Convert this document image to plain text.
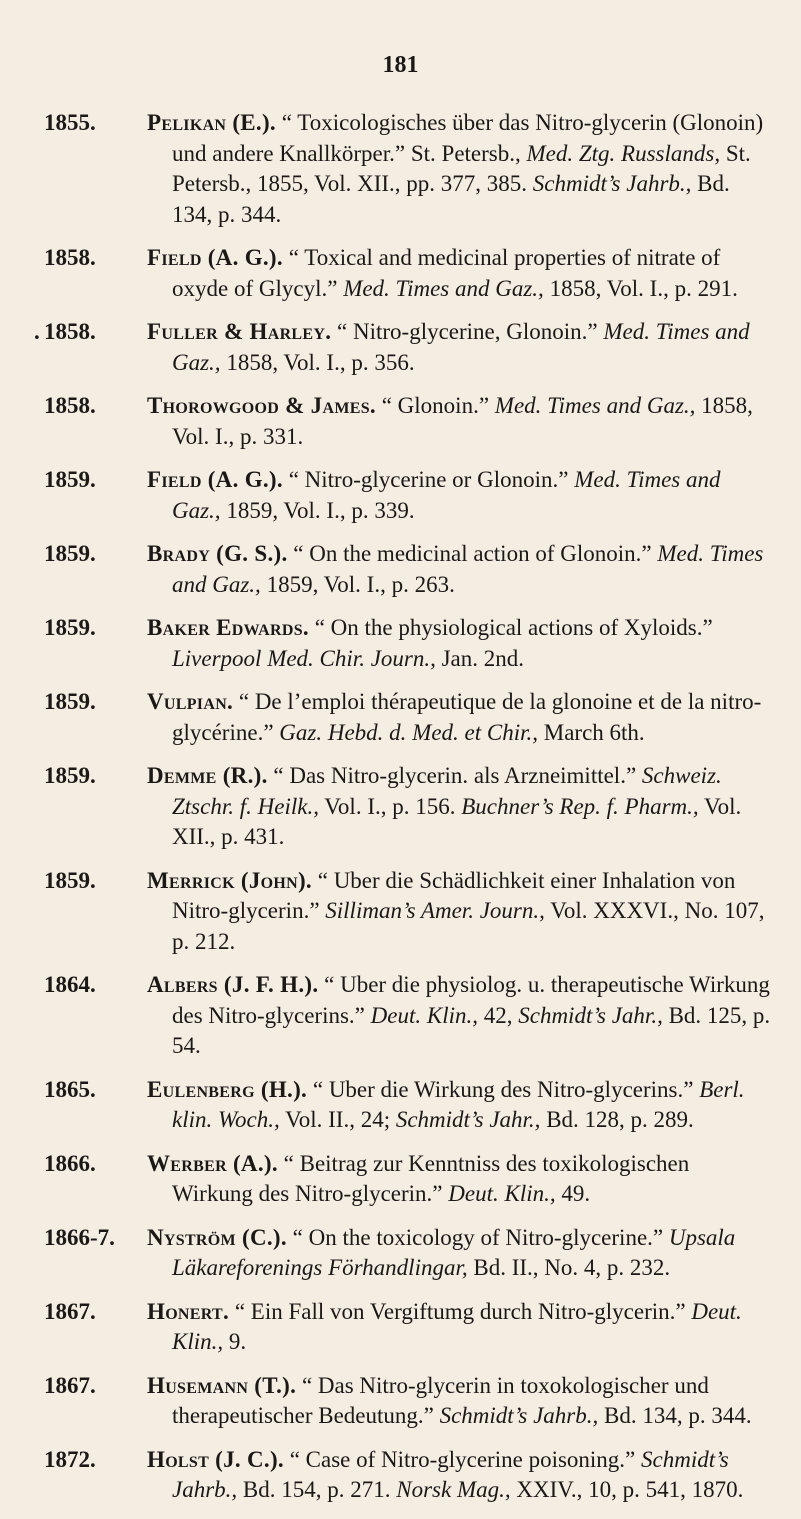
181
1855. Pelikan (E.). “ Toxicologisches über das Nitro-glycerin (Glonoin) und andere Knallkörper.” St. Petersb., Med. Ztg. Russlands, St. Petersb., 1855, Vol. XII., pp. 377, 385. Schmidt’s Jahrb., Bd. 134, p. 344.
1858. Field (A. G.). “ Toxical and medicinal properties of nitrate of oxyde of Glycyl.” Med. Times and Gaz., 1858, Vol. I., p. 291.
. 1858. Fuller & Harley. “ Nitro-glycerine, Glonoin.” Med. Times and Gaz., 1858, Vol. I., p. 356.
1858. Thorowgood & James. “ Glonoin.” Med. Times and Gaz., 1858, Vol. I., p. 331.
1859. Field (A. G.). “ Nitro-glycerine or Glonoin.” Med. Times and Gaz., 1859, Vol. I., p. 339.
1859. Brady (G. S.). “ On the medicinal action of Glonoin.” Med. Times and Gaz., 1859, Vol. I., p. 263.
1859. Baker Edwards. “ On the physiological actions of Xyloids.” Liverpool Med. Chir. Journ., Jan. 2nd.
1859. Vulpian. “ De l’emploi thérapeutique de la glonoine et de la nitro-glycérine.” Gaz. Hebd. d. Med. et Chir., March 6th.
1859. Demme (R.). “ Das Nitro-glycerin. als Arzneimittel.” Schweiz. Ztschr. f. Heilk., Vol. I., p. 156. Buchner’s Rep. f. Pharm., Vol. XII., p. 431.
1859. Merrick (John). “ Uber die Schädlichkeit einer Inhalation von Nitro-glycerin.” Silliman’s Amer. Journ., Vol. XXXVI., No. 107, p. 212.
1864. Albers (J. F. H.). “ Uber die physiolog. u. therapeutische Wirkung des Nitro-glycerins.” Deut. Klin., 42, Schmidt’s Jahr., Bd. 125, p. 54.
1865. Eulenberg (H.). “ Uber die Wirkung des Nitro-glycerins.” Berl. klin. Woch., Vol. II., 24; Schmidt’s Jahr., Bd. 128, p. 289.
1866. Werber (A.). “ Beitrag zur Kenntniss des toxikologischen Wirkung des Nitro-glycerin.” Deut. Klin., 49.
1866-7. Nyström (C.). “ On the toxicology of Nitro-glycerine.” Upsala Läkareforenings Förhandlingar, Bd. II., No. 4, p. 232.
1867. Honert. “ Ein Fall von Vergiftumg durch Nitro-glycerin.” Deut. Klin., 9.
1867. Husemann (T.). “ Das Nitro-glycerin in toxokologischer und therapeutischer Bedeutung.” Schmidt’s Jahrb., Bd. 134, p. 344.
1872. Holst (J. C.). “ Case of Nitro-glycerine poisoning.” Schmidt’s Jahrb., Bd. 154, p. 271. Norsk Mag., XXIV., 10, p. 541, 1870.
